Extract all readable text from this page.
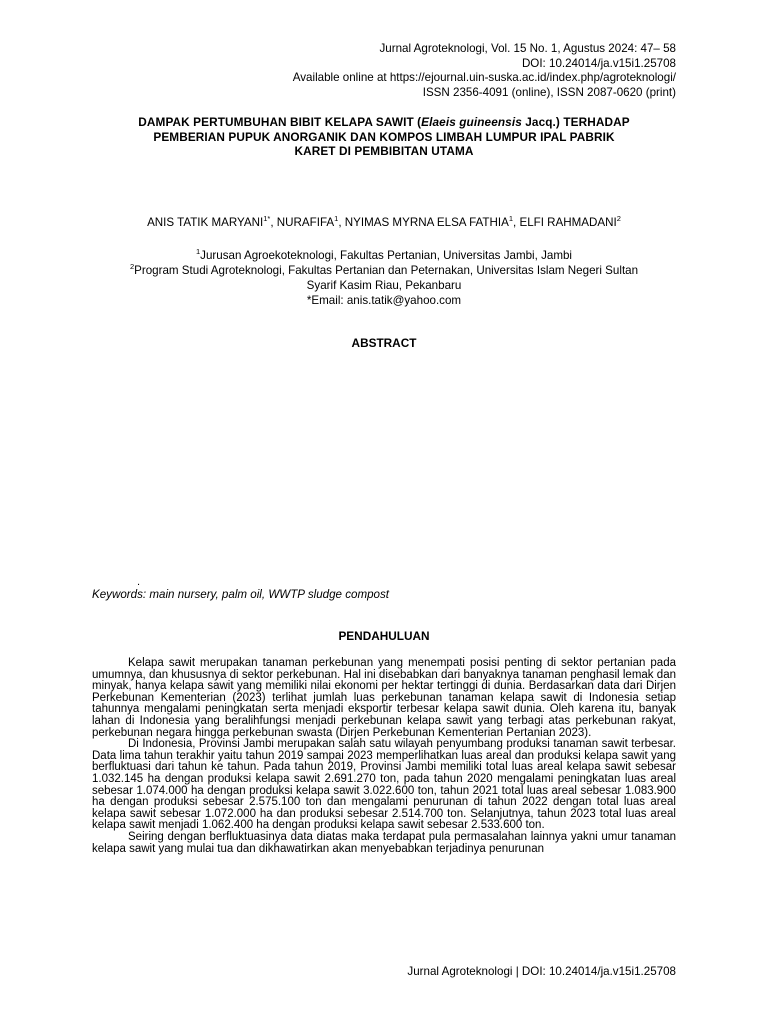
Jurnal Agroteknologi, Vol. 15 No. 1, Agustus 2024: 47– 58
DOI: 10.24014/ja.v15i1.25708
Available online at https://ejournal.uin-suska.ac.id/index.php/agroteknologi/
ISSN 2356-4091 (online), ISSN 2087-0620 (print)
DAMPAK PERTUMBUHAN BIBIT KELAPA SAWIT (Elaeis guineensis Jacq.) TERHADAP
PEMBERIAN PUPUK ANORGANIK DAN KOMPOS LIMBAH LUMPUR IPAL PABRIK
KARET DI PEMBIBITAN UTAMA
ANIS TATIK $MARYANI^{1*}$, NURAFIFA$^1$, NYIMAS MYRNA ELSA FATHIA$^1$, ELFI RAHMADANI$^2$
$^1$Jurusan Agroekoteknologi, Fakultas Pertanian, Universitas Jambi, Jambi
$^2$Program Studi Agroteknologi, Fakultas Pertanian dan Peternakan, Universitas Islam Negeri Sultan
Syarif Kasim Riau, Pekanbaru
*Email: anis.tatik@yahoo.com
ABSTRACT
.
Keywords: main nursery, palm oil, WWTP sludge compost
PENDAHULUAN

Kelapa sawit merupakan tanaman perkebunan yang menempati posisi penting di sektor pertanian pada umumnya, dan khususnya di sektor perkebunan. Hal ini disebabkan dari banyaknya tanaman penghasil lemak dan minyak, hanya kelapa sawit yang memiliki nilai ekonomi per hektar tertinggi di dunia. Berdasarkan data dari Dirjen Perkebunan Kementerian (2023) terlihat jumlah luas perkebunan tanaman kelapa sawit di Indonesia setiap tahunnya mengalami peningkatan serta menjadi eksportir terbesar kelapa sawit dunia. Oleh karena itu, banyak lahan di Indonesia yang beralihfungsi menjadi perkebunan kelapa sawit yang terbagi atas perkebunan rakyat, perkebunan negara hingga perkebunan swasta (Dirjen Perkebunan Kementerian Pertanian 2023).

Di Indonesia, Provinsi Jambi merupakan salah satu wilayah penyumbang produksi tanaman sawit terbesar. Data lima tahun terakhir yaitu tahun 2019 sampai 2023 memperlihatkan luas areal dan produksi kelapa sawit yang berfluktuasi dari tahun ke tahun. Pada tahun 2019, Provinsi Jambi memiliki total luas areal kelapa sawit sebesar 1.032.145 ha dengan produksi kelapa sawit 2.691.270 ton, pada tahun 2020 mengalami peningkatan luas areal sebesar 1.074.000 ha dengan produksi kelapa sawit 3.022.600 ton, tahun 2021 total luas areal sebesar 1.083.900 ha dengan produksi sebesar 2.575.100 ton dan mengalami penurunan di tahun 2022 dengan total luas areal kelapa sawit sebesar 1.072.000 ha dan produksi sebesar 2.514.700 ton. Selanjutnya, tahun 2023 total luas areal kelapa sawit menjadi 1.062.400 ha dengan produksi kelapa sawit sebesar 2.533.600 ton.

Seiring dengan berfluktuasinya data diatas maka terdapat pula permasalahan lainnya yakni umur tanaman kelapa sawit yang mulai tua dan dikhawatirkan akan menyebabkan terjadinya penurunan

Jurnal Agroteknologi | DOI: 10.24014/ja.v15i1.25708
